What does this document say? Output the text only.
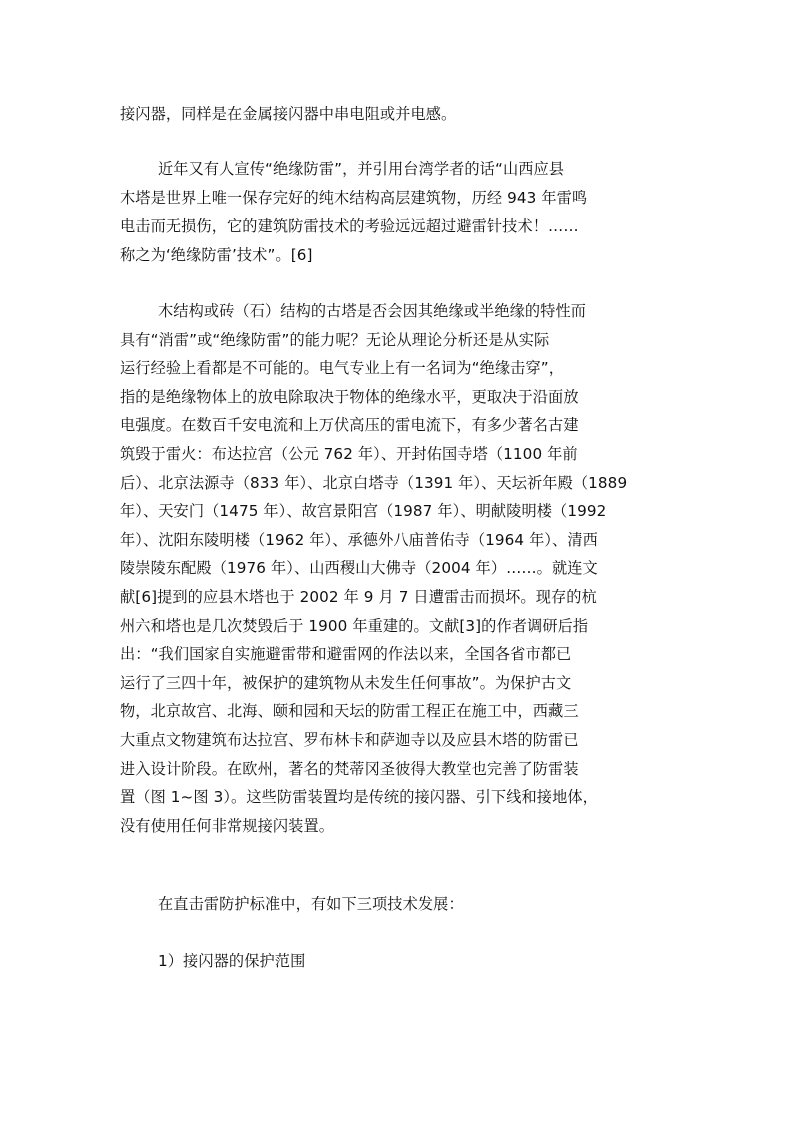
接闪器，同样是在金属接闪器中串电阻或并电感。

近年又有人宣传“绝缘防雷”，并引用台湾学者的话“山西应县
木塔是世界上唯一保存完好的纯木结构高层建筑物，历经 943 年雷鸣
电击而无损伤，它的建筑防雷技术的考验远远超过避雷针技术！……
称之为‘绝缘防雷’技术”。[6]

木结构或砖（石）结构的古塔是否会因其绝缘或半绝缘的特性而
具有“消雷”或“绝缘防雷”的能力呢？无论从理论分析还是从实际
运行经验上看都是不可能的。电气专业上有一名词为“绝缘击穿”，
指的是绝缘物体上的放电除取决于物体的绝缘水平，更取决于沿面放
电强度。在数百千安电流和上万伏高压的雷电流下，有多少著名古建
筑毁于雷火：布达拉宫（公元 762 年）、开封佑国寺塔（1100 年前
后）、北京法源寺（833 年）、北京白塔寺（1391 年）、天坛祈年殿（1889
年）、天安门（1475 年）、故宫景阳宫（1987 年）、明献陵明楼（1992
年）、沈阳东陵明楼（1962 年）、承德外八庙普佑寺（1964 年）、清西
陵崇陵东配殿（1976 年）、山西稷山大佛寺（2004 年）……。就连文
献[6]提到的应县木塔也于 2002 年 9 月 7 日遭雷击而损坏。现存的杭
州六和塔也是几次焚毁后于 1900 年重建的。文献[3]的作者调研后指
出：“我们国家自实施避雷带和避雷网的作法以来，全国各省市都已
运行了三四十年，被保护的建筑物从未发生任何事故”。为保护古文
物，北京故宫、北海、颐和园和天坛的防雷工程正在施工中，西藏三
大重点文物建筑布达拉宫、罗布林卡和萨迦寺以及应县木塔的防雷已
进入设计阶段。在欧州，著名的梵蒂冈圣彼得大教堂也完善了防雷装
置（图 1~图 3）。这些防雷装置均是传统的接闪器、引下线和接地体，
没有使用任何非常规接闪装置。

在直击雷防护标准中，有如下三项技术发展：

1）接闪器的保护范围
